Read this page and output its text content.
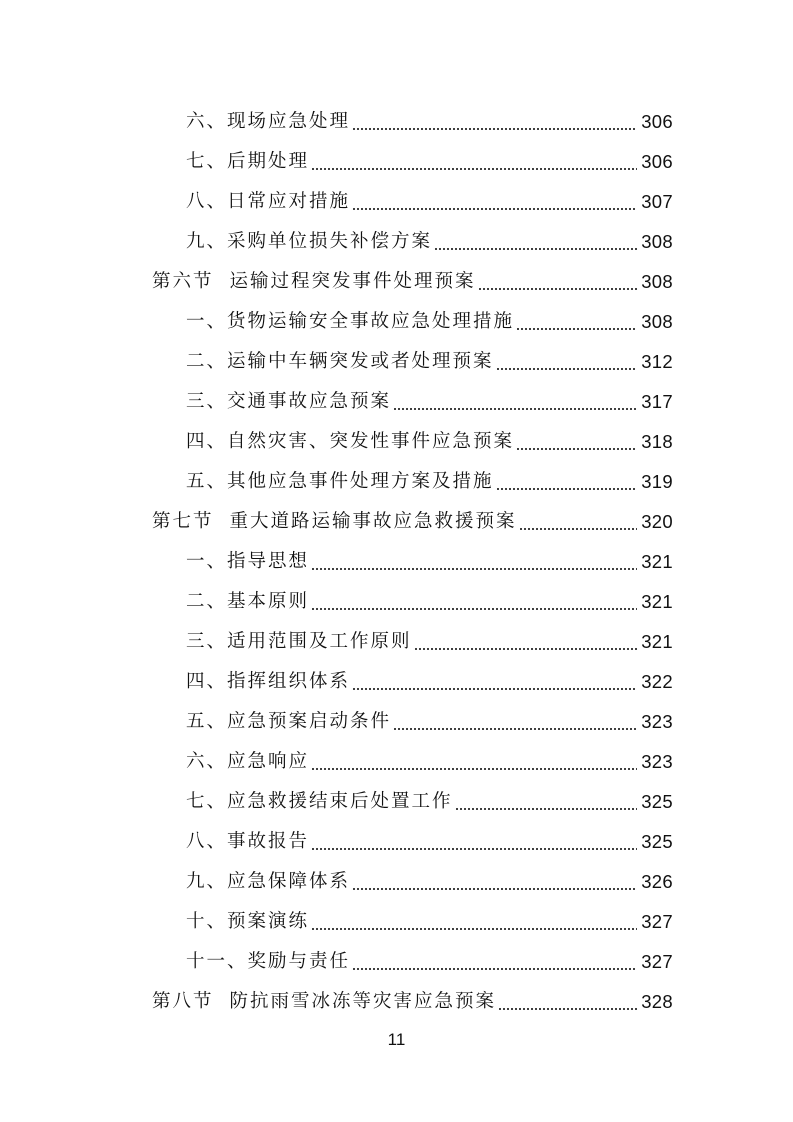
六、现场应急处理	306
七、后期处理	306
八、日常应对措施	307
九、采购单位损失补偿方案	308
第六节 运输过程突发事件处理预案	308
一、货物运输安全事故应急处理措施	308
二、运输中车辆突发或者处理预案	312
三、交通事故应急预案	317
四、自然灾害、突发性事件应急预案	318
五、其他应急事件处理方案及措施	319
第七节 重大道路运输事故应急救援预案	320
一、指导思想	321
二、基本原则	321
三、适用范围及工作原则	321
四、指挥组织体系	322
五、应急预案启动条件	323
六、应急响应	323
七、应急救援结束后处置工作	325
八、事故报告	325
九、应急保障体系	326
十、预案演练	327
十一、奖励与责任	327
第八节 防抗雨雪冰冻等灾害应急预案	328
11
